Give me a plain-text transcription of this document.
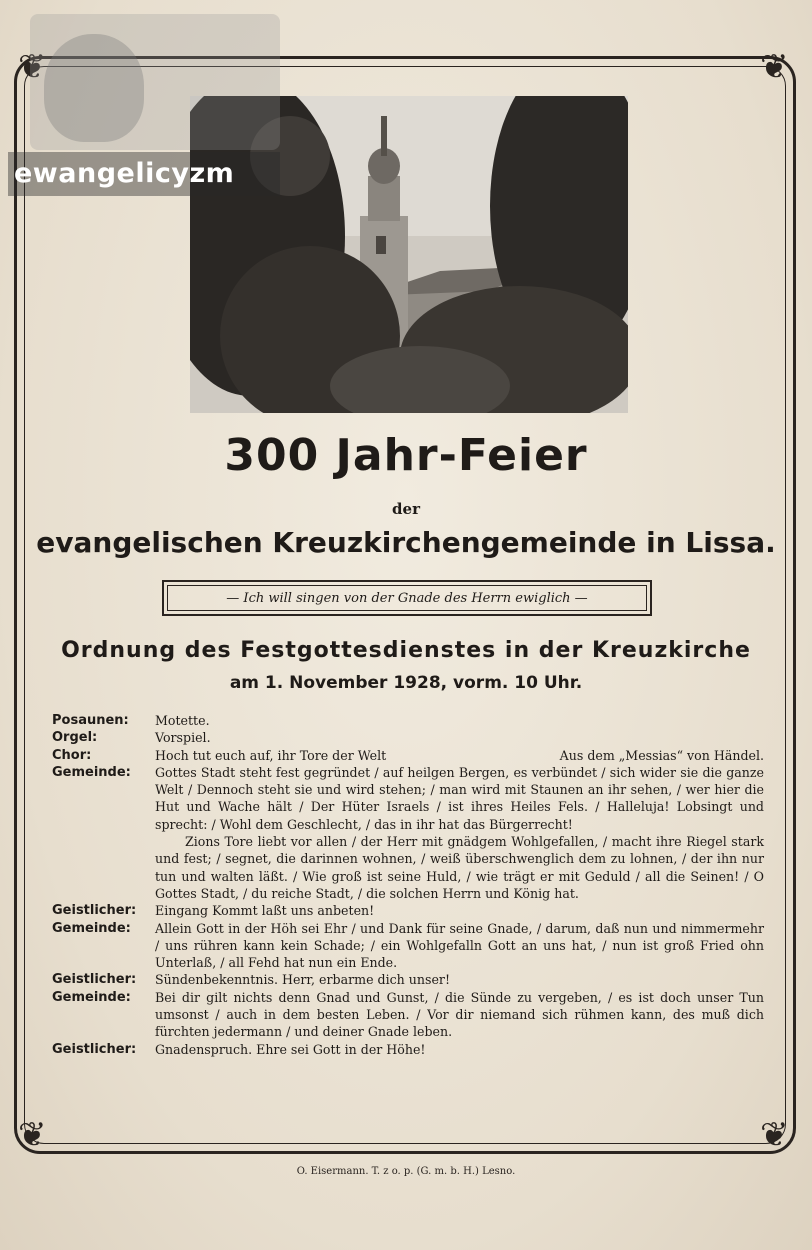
❦	❦
❦	❦
ewangelicyzm
300 Jahr-Feier
der
evangelischen Kreuzkirchengemeinde in Lissa.
— Ich will singen von der Gnade des Herrn ewiglich —
Ordnung des Festgottesdienstes in der Kreuzkirche
am 1. November 1928, vorm. 10 Uhr.
Posaunen:	Motette.
Orgel:	Vorspiel.
Chor:	Hoch tut euch auf, ihr Tore der Welt	Aus dem „Messias“ von Händel.
Gemeinde:	Gottes Stadt steht fest gegründet / auf heilgen Bergen, es verbündet / sich wider sie die ganze Welt / Dennoch steht sie und wird stehen; / man wird mit Staunen an ihr sehen, / wer hier die Hut und Wache hält / Der Hüter Israels / ist ihres Heiles Fels. / Halleluja! Lobsingt und sprecht: / Wohl dem Geschlecht, / das in ihr hat das Bürgerrecht!

Zions Tore liebt vor allen / der Herr mit gnädgem Wohlgefallen, / macht ihre Riegel stark und fest; / segnet, die darinnen wohnen, / weiß überschwenglich dem zu lohnen, / der ihn nur tun und walten läßt. / Wie groß ist seine Huld, / wie trägt er mit Geduld / all die Seinen! / O Gottes Stadt, / du reiche Stadt, / die solchen Herrn und König hat.

Geistlicher:	Eingang Kommt laßt uns anbeten!
Gemeinde:	Allein Gott in der Höh sei Ehr / und Dank für seine Gnade, / darum, daß nun und nimmermehr / uns rühren kann kein Schade; / ein Wohlgefalln Gott an uns hat, / nun ist groß Fried ohn Unterlaß, / all Fehd hat nun ein Ende.
Geistlicher:	Sündenbekenntnis. Herr, erbarme dich unser!
Gemeinde:	Bei dir gilt nichts denn Gnad und Gunst, / die Sünde zu vergeben, / es ist doch unser Tun umsonst / auch in dem besten Leben. / Vor dir niemand sich rühmen kann, des muß dich fürchten jedermann / und deiner Gnade leben.
Geistlicher:	Gnadenspruch. Ehre sei Gott in der Höhe!
O. Eisermann. T. z o. p. (G. m. b. H.) Lesno.
